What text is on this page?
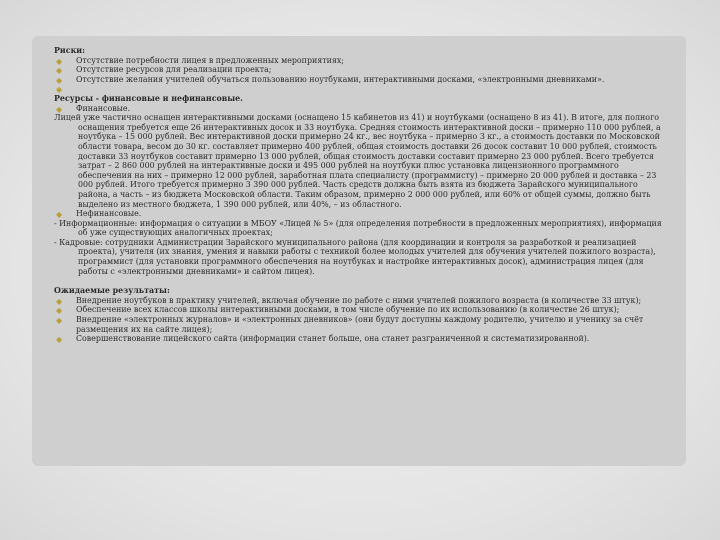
Риски:
◆ Отсутствие потребности лицея в предложенных мероприятиях;
◆ Отсутствие ресурсов для реализации проекта;
◆ Отсутствие желания учителей обучаться пользованию ноутбуками, интерактивными досками, «электронными дневниками».
◆

Ресурсы - финансовые и нефинансовые.
◆ Финансовые.
Лицей уже частично оснащен интерактивными досками (оснащено 15 кабинетов из 41) и ноутбуками (оснащено 8 из 41). В итоге, для полного оснащения требуется еще 26 интерактивных досок и 33 ноутбука. Средняя стоимость интерактивной доски – примерно 110 000 рублей, а ноутбука – 15 000 рублей. Вес интерактивной доски примерно 24 кг., вес ноутбука – примерно 3 кг., а стоимость доставки по Московской области товара, весом до 30 кг. составляет примерно 400 рублей, общая стоимость доставки 26 досок составит 10 000 рублей, стоимость доставки 33 ноутбуков составит примерно 13 000 рублей, общая стоимость доставки составит примерно 23 000 рублей. Всего требуется затрат – 2 860 000 рублей на интерактивные доски и 495 000 рублей на ноутбуки плюс установка лицензионного программного обеспечения на них – примерно 12 000 рублей, заработная плата специалисту (программисту) – примерно 20 000 рублей и доставка – 23 000 рублей. Итого требуется примерно 3 390 000 рублей. Часть средств должна быть взята из бюджета Зарайского муниципального района, а часть – из бюджета Московской области. Таким образом, примерно 2 000 000 рублей, или 60% от общей суммы, должно быть выделено из местного бюджета, 1 390 000 рублей, или 40%, – из областного.
◆ Нефинансовые.
- Информационные: информация о ситуации в МБОУ «Лицей № 5» (для определения потребности в предложенных мероприятиях), информация об уже существующих аналогичных проектах;
- Кадровые: сотрудники Администрации Зарайского муниципального района (для координации и контроля за разработкой и реализацией проекта), учителя (их знания, умения и навыки работы с техникой более молодых учителей для обучения учителей пожилого возраста), программист (для установки программного обеспечения на ноутбуках и настройке интерактивных досок), администрация лицея (для работы с «электронными дневниками» и сайтом лицея).
Ожидаемые результаты:
◆ Внедрение ноутбуков в практику учителей, включая обучение по работе с ними учителей пожилого возраста (в количестве 33 штук);
◆ Обеспечение всех классов школы интерактивными досками, в том числе обучение по их использованию (в количестве 26 штук);
◆ Внедрение «электронных журналов» и «электронных дневников» (они будут доступны каждому родителю, учителю и ученику за счёт размещения их на сайте лицея);
◆ Совершенствование лицейского сайта (информации станет больше, она станет разграниченной и систематизированной).
